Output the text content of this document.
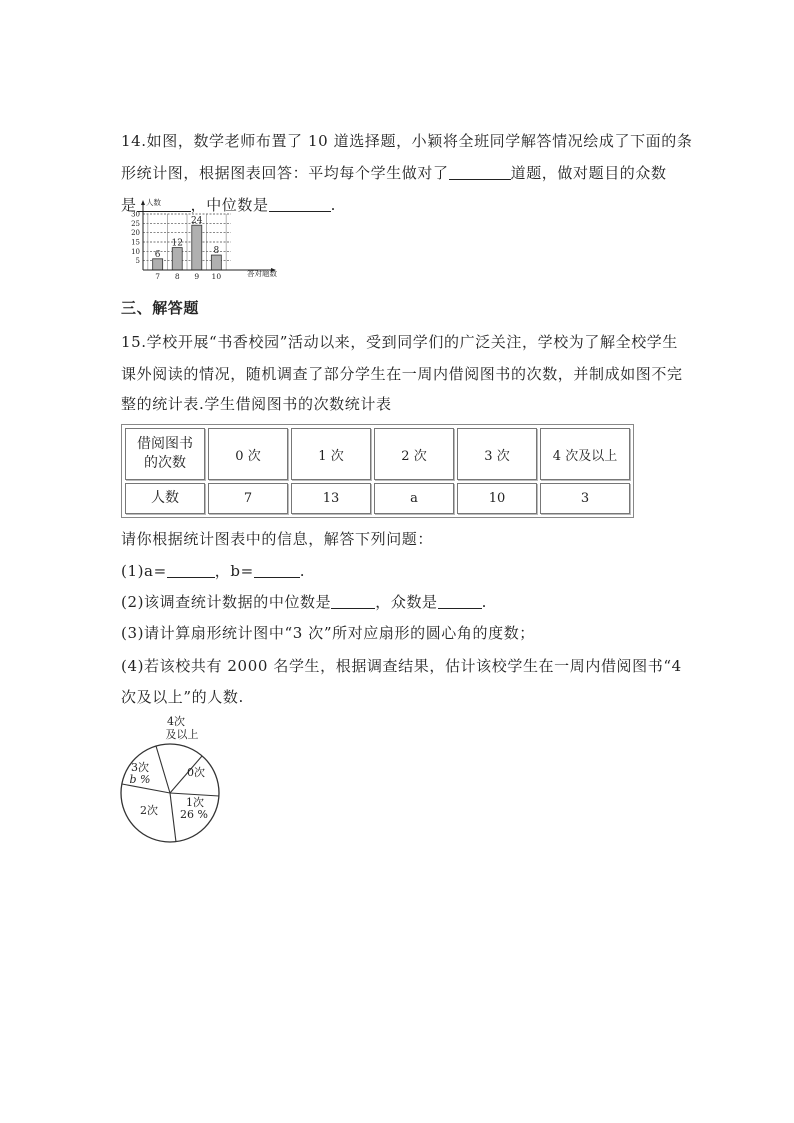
14.如图，数学老师布置了 10 道选择题，小颖将全班同学解答情况绘成了下面的条
形统计图，根据图表回答：平均每个学生做对了	道题，做对题目的众数
是	，中位数是	.
30
25
20
15
10
5
人数
答对题数
6
7
12
8
24
9
8
10
三、解答题
15.学校开展“书香校园”活动以来，受到同学们的广泛关注，学校为了解全校学生
课外阅读的情况，随机调查了部分学生在一周内借阅图书的次数，并制成如图不完
整的统计表.学生借阅图书的次数统计表
借阅图书
的次数	0 次	1 次	2 次	3 次	4 次及以上
人数	7	13	a	10	3
请你根据统计图表中的信息，解答下列问题：
(1)a=	，b=	.
(2)该调查统计数据的中位数是	，众数是	.
(3)请计算扇形统计图中“3 次”所对应扇形的圆心角的度数；
(4)若该校共有 2000 名学生，根据调查结果，估计该校学生在一周内借阅图书“4
次及以上”的人数.
4次
及以上
0次
1次
26 %
2次
3次
b %
